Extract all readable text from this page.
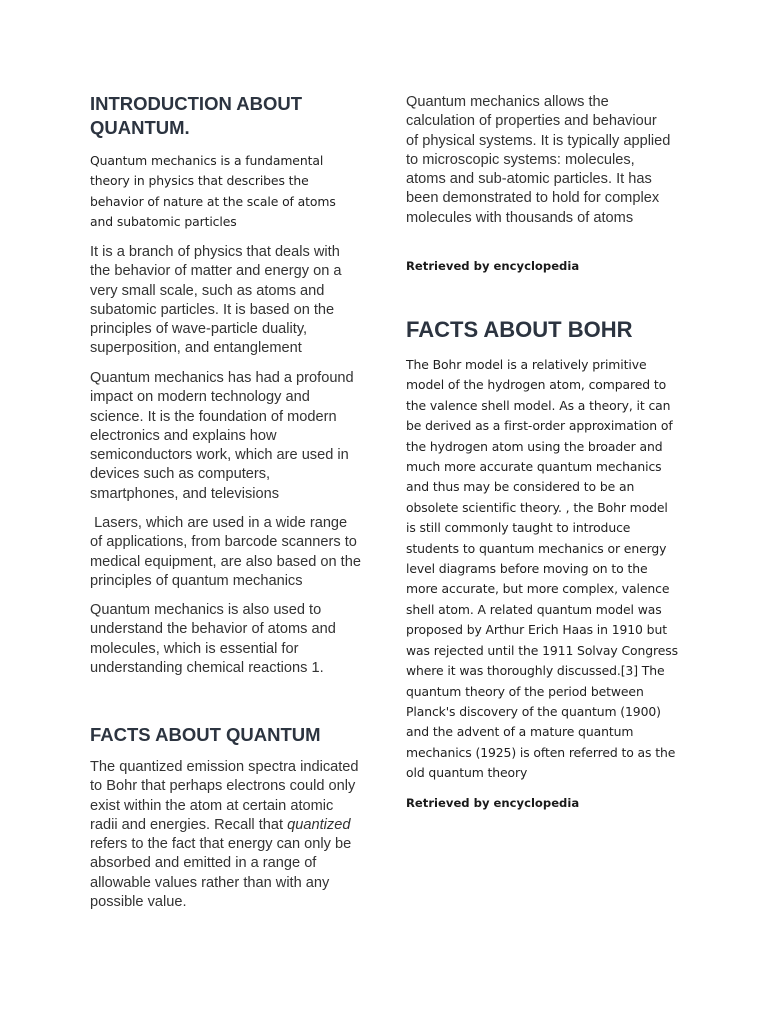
INTRODUCTION ABOUT QUANTUM.

Quantum mechanics is a fundamental theory in physics that describes the behavior of nature at the scale of atoms and subatomic particles

It is a branch of physics that deals with the behavior of matter and energy on a very small scale, such as atoms and subatomic particles. It is based on the principles of wave-particle duality, superposition, and entanglement

Quantum mechanics has had a profound impact on modern technology and science. It is the foundation of modern electronics and explains how semiconductors work, which are used in devices such as computers, smartphones, and televisions

Lasers, which are used in a wide range of applications, from barcode scanners to medical equipment, are also based on the principles of quantum mechanics

Quantum mechanics is also used to understand the behavior of atoms and molecules, which is essential for understanding chemical reactions 1.

FACTS ABOUT QUANTUM

The quantized emission spectra indicated to Bohr that perhaps electrons could only exist within the atom at certain atomic radii and energies. Recall that quantized refers to the fact that energy can only be absorbed and emitted in a range of allowable values rather than with any possible value.

Quantum mechanics allows the calculation of properties and behaviour of physical systems. It is typically applied to microscopic systems: molecules, atoms and sub-atomic particles. It has been demonstrated to hold for complex molecules with thousands of atoms

Retrieved by encyclopedia

FACTS ABOUT BOHR

The Bohr model is a relatively primitive model of the hydrogen atom, compared to the valence shell model. As a theory, it can be derived as a first-order approximation of the hydrogen atom using the broader and much more accurate quantum mechanics and thus may be considered to be an obsolete scientific theory. , the Bohr model is still commonly taught to introduce students to quantum mechanics or energy level diagrams before moving on to the more accurate, but more complex, valence shell atom. A related quantum model was proposed by Arthur Erich Haas in 1910 but was rejected until the 1911 Solvay Congress where it was thoroughly discussed.[3] The quantum theory of the period between Planck's discovery of the quantum (1900) and the advent of a mature quantum mechanics (1925) is often referred to as the old quantum theory

Retrieved by encyclopedia
